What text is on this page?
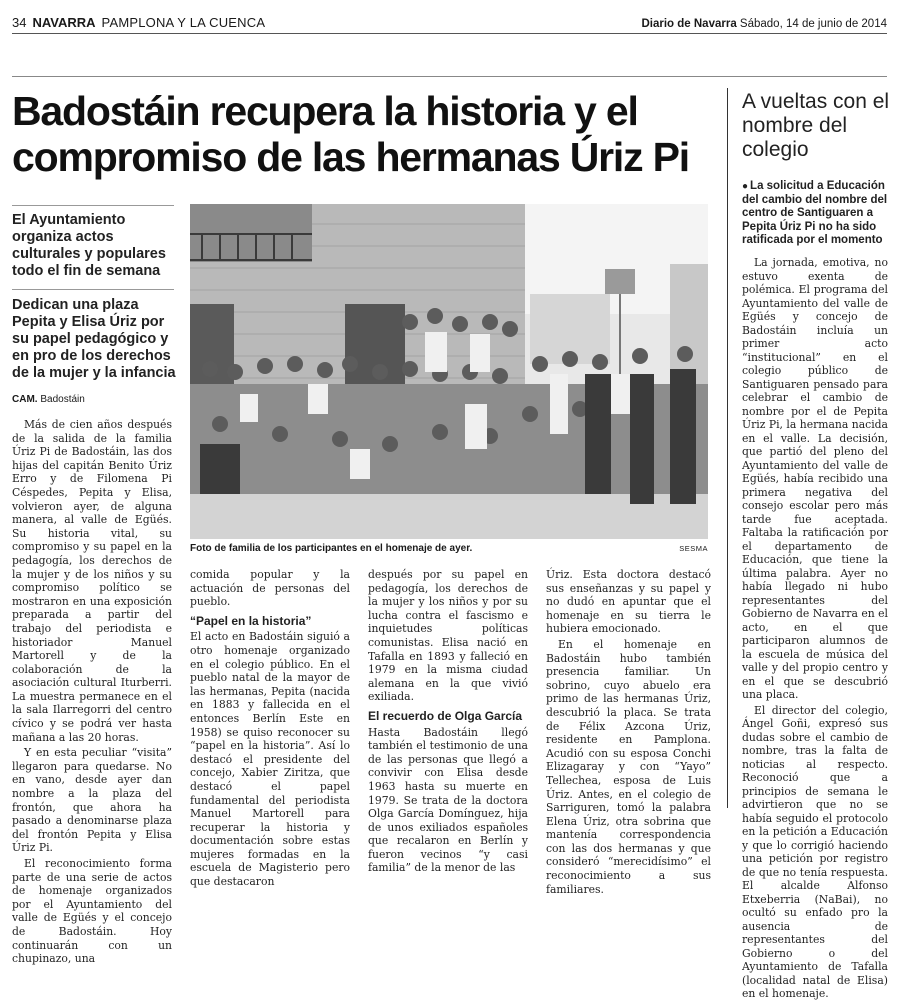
34 NAVARRA PAMPLONA Y LA CUENCA	Diario de Navarra Sábado, 14 de junio de 2014
Badostáin recupera la historia y el
compromiso de las hermanas Úriz Pi
El Ayuntamiento organiza actos culturales y populares todo el fin de semana
Dedican una plaza Pepita y Elisa Úriz por su papel pedagógico y en pro de los derechos de la mujer y la infancia
CAM. Badostáin
Foto de familia de los participantes en el homenaje de ayer.	SESMA

Más de cien años después de la salida de la familia Úriz Pi de Badostáin, las dos hijas del capitán Benito Úriz Erro y de Filomena Pi Céspedes, Pepita y Elisa, volvieron ayer, de alguna manera, al valle de Egüés. Su historia vital, su compromiso y su papel en la pedagogía, los derechos de la mujer y de los niños y su compromiso político se mostraron en una exposición preparada a partir del trabajo del periodista e historiador Manuel Martorell y de la colaboración de la asociación cultural Iturberri. La muestra permanece en el la sala Ilarregorri del centro cívico y se podrá ver hasta mañana a las 20 horas.

Y en esta peculiar “visita” llegaron para quedarse. No en vano, desde ayer dan nombre a la plaza del frontón, que ahora ha pasado a denominarse plaza del frontón Pepita y Elisa Úriz Pi.

El reconocimiento forma parte de una serie de actos de homenaje organizados por el Ayuntamiento del valle de Egüés y el concejo de Badostáin. Hoy continuarán con un chupinazo, una

comida popular y la actuación de personas del pueblo.

“Papel en la historia”

El acto en Badostáin siguió a otro homenaje organizado en el colegio público. En el pueblo natal de la mayor de las hermanas, Pepita (nacida en 1883 y fallecida en el entonces Berlín Este en 1958) se quiso reconocer su “papel en la historia”. Así lo destacó el presidente del concejo, Xabier Ziritza, que destacó el papel fundamental del periodista Manuel Martorell para recuperar la historia y documentación sobre estas mujeres formadas en la escuela de Magisterio pero que destacaron

después por su papel en pedagogía, los derechos de la mujer y los niños y por su lucha contra el fascismo e inquietudes políticas comunistas. Elisa nació en Tafalla en 1893 y falleció en 1979 en la misma ciudad alemana en la que vivió exiliada.

El recuerdo de Olga García

Hasta Badostáin llegó también el testimonio de una de las personas que llegó a convivir con Elisa desde 1963 hasta su muerte en 1979. Se trata de la doctora Olga García Domínguez, hija de unos exiliados españoles que recalaron en Berlín y fueron vecinos “y casi familia” de la menor de las

Úriz. Esta doctora destacó sus enseñanzas y su papel y no dudó en apuntar que el homenaje en su tierra le hubiera emocionado.

En el homenaje en Badostáin hubo también presencia familiar. Un sobrino, cuyo abuelo era primo de las hermanas Úriz, descubrió la placa. Se trata de Félix Azcona Úriz, residente en Pamplona. Acudió con su esposa Conchi Elizagaray y con “Yayo” Tellechea, esposa de Luis Úriz. Antes, en el colegio de Sarriguren, tomó la palabra Elena Úriz, otra sobrina que mantenía correspondencia con las dos hermanas y que consideró “merecidísimo” el reconocimiento a sus familiares.

A vueltas con el nombre del colegio
● La solicitud a Educación del cambio del nombre del centro de Santiguaren a Pepita Úriz Pi no ha sido ratificada por el momento

La jornada, emotiva, no estuvo exenta de polémica. El programa del Ayuntamiento del valle de Egüés y concejo de Badostáin incluía un primer acto “institucional” en el colegio público de Santiguaren pensado para celebrar el cambio de nombre por el de Pepita Úriz Pi, la hermana nacida en el valle. La decisión, que partió del pleno del Ayuntamiento del valle de Egüés, había recibido una primera negativa del consejo escolar pero más tarde fue aceptada. Faltaba la ratificación por el departamento de Educación, que tiene la última palabra. Ayer no había llegado ni hubo representantes del Gobierno de Navarra en el acto, en el que participaron alumnos de la escuela de música del valle y del propio centro y en el que se descubrió una placa.

El director del colegio, Ángel Goñi, expresó sus dudas sobre el cambio de nombre, tras la falta de noticias al respecto. Reconoció que a principios de semana le advirtieron que no se había seguido el protocolo en la petición a Educación y que lo corrigió haciendo una petición por registro de que no tenía respuesta. El alcalde Alfonso Etxeberria (NaBai), no ocultó su enfado pro la ausencia de representantes del Gobierno o del Ayuntamiento de Tafalla (localidad natal de Elisa) en el homenaje.
